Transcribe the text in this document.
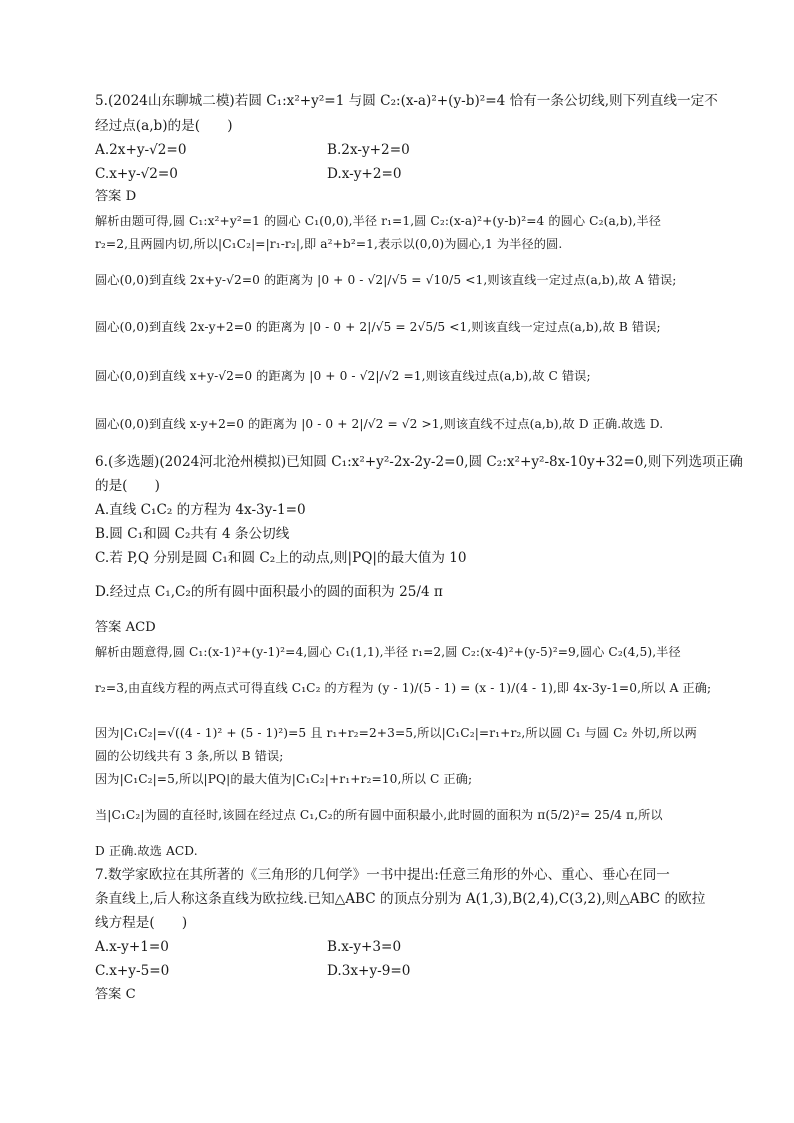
5.(2024山东聊城二模)若圆 C₁:x²+y²=1 与圆 C₂:(x-a)²+(y-b)²=4 恰有一条公切线,则下列直线一定不
经过点(a,b)的是(　　)
A.2x+y-√2=0	B.2x-y+2=0
C.x+y-√2=0	D.x-y+2=0
答案 D
解析由题可得,圆 C₁:x²+y²=1 的圆心 C₁(0,0),半径 r₁=1,圆 C₂:(x-a)²+(y-b)²=4 的圆心 C₂(a,b),半径
r₂=2,且两圆内切,所以|C₁C₂|=|r₁-r₂|,即 a²+b²=1,表示以(0,0)为圆心,1 为半径的圆.
圆心(0,0)到直线 2x+y-√2=0 的距离为 |0 + 0 - √2|/√5 = √10/5 <1,则该直线一定过点(a,b),故 A 错误;
圆心(0,0)到直线 2x-y+2=0 的距离为 |0 - 0 + 2|/√5 = 2√5/5 <1,则该直线一定过点(a,b),故 B 错误;
圆心(0,0)到直线 x+y-√2=0 的距离为 |0 + 0 - √2|/√2 =1,则该直线过点(a,b),故 C 错误;
圆心(0,0)到直线 x-y+2=0 的距离为 |0 - 0 + 2|/√2 = √2 >1,则该直线不过点(a,b),故 D 正确.故选 D.
6.(多选题)(2024河北沧州模拟)已知圆 C₁:x²+y²-2x-2y-2=0,圆 C₂:x²+y²-8x-10y+32=0,则下列选项正确
的是(　　)
A.直线 C₁C₂ 的方程为 4x-3y-1=0
B.圆 C₁和圆 C₂共有 4 条公切线
C.若 P,Q 分别是圆 C₁和圆 C₂上的动点,则|PQ|的最大值为 10
D.经过点 C₁,C₂的所有圆中面积最小的圆的面积为 25/4 π
答案 ACD
解析由题意得,圆 C₁:(x-1)²+(y-1)²=4,圆心 C₁(1,1),半径 r₁=2,圆 C₂:(x-4)²+(y-5)²=9,圆心 C₂(4,5),半径
r₂=3,由直线方程的两点式可得直线 C₁C₂ 的方程为 (y - 1)/(5 - 1) = (x - 1)/(4 - 1),即 4x-3y-1=0,所以 A 正确;
因为|C₁C₂|=√((4 - 1)² + (5 - 1)²)=5 且 r₁+r₂=2+3=5,所以|C₁C₂|=r₁+r₂,所以圆 C₁ 与圆 C₂ 外切,所以两
圆的公切线共有 3 条,所以 B 错误;
因为|C₁C₂|=5,所以|PQ|的最大值为|C₁C₂|+r₁+r₂=10,所以 C 正确;
当|C₁C₂|为圆的直径时,该圆在经过点 C₁,C₂的所有圆中面积最小,此时圆的面积为 π(5/2)²= 25/4 π,所以
D 正确.故选 ACD.
7.数学家欧拉在其所著的《三角形的几何学》一书中提出:任意三角形的外心、重心、垂心在同一
条直线上,后人称这条直线为欧拉线.已知△ABC 的顶点分别为 A(1,3),B(2,4),C(3,2),则△ABC 的欧拉
线方程是(　　)
A.x-y+1=0	B.x-y+3=0
C.x+y-5=0	D.3x+y-9=0
答案 C
